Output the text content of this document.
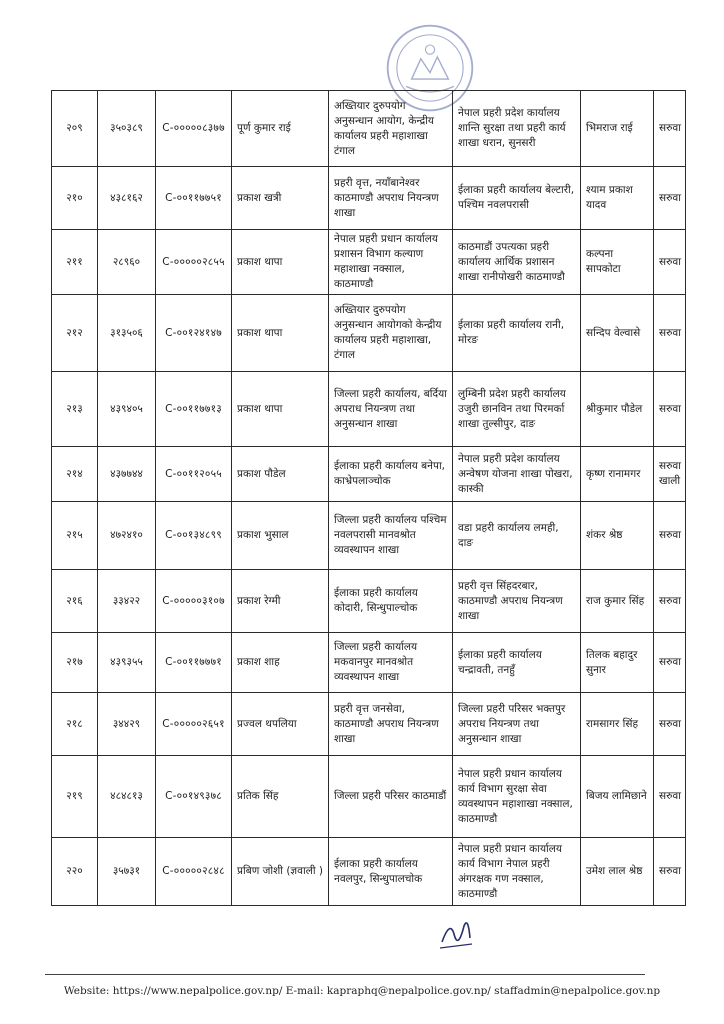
२०९	३५०३८९	C-०००००८३७७	पूर्ण कुमार राई	अख्तियार दुरुपयोग अनुसन्धान आयोग, केन्द्रीय कार्यालय प्रहरी महाशाखा टंगाल	नेपाल प्रहरी प्रदेश कार्यालय शान्ति सुरक्षा तथा प्रहरी कार्य शाखा धरान, सुनसरी	भिमराज राई	सरुवा
२१०	४३८१६२	C-००११७७५१	प्रकाश खत्री	प्रहरी वृत्त, नयाँबानेश्वर काठमाण्डौ अपराध नियन्त्रण शाखा	ईलाका प्रहरी कार्यालय बेल्टारी, पश्चिम नवलपरासी	श्याम प्रकाश यादव	सरुवा
२११	२८९६०	C-०००००२८५५	प्रकाश थापा	नेपाल प्रहरी प्रधान कार्यालय प्रशासन विभाग कल्याण महाशाखा नक्साल, काठमाण्डौ	काठमाडौं उपत्यका प्रहरी कार्यालय आर्थिक प्रशासन शाखा रानीपोखरी काठमाण्डौ	कल्पना सापकोटा	सरुवा
२१२	३१३५०६	C-००१२४१४७	प्रकाश थापा	अख्तियार दुरुपयोग अनुसन्धान आयोगको केन्द्रीय कार्यालय प्रहरी महाशाखा, टंगाल	ईलाका प्रहरी कार्यालय रानी, मोरङ	सन्दिप वेल्वासे	सरुवा
२१३	४३९४०५	C-००११७७१३	प्रकाश थापा	जिल्ला प्रहरी कार्यालय, बर्दिया अपराध नियन्त्रण तथा अनुसन्धान शाखा	लुम्बिनी प्रदेश प्रहरी कार्यालय उजुरी छानविन तथा पिरमर्का शाखा तुल्सीपुर, दाङ	श्रीकुमार पौडेल	सरुवा
२१४	४३७७४४	C-००११२०५५	प्रकाश पौडेल	ईलाका प्रहरी कार्यालय बनेपा, काभ्रेपलाञ्चोक	नेपाल प्रहरी प्रदेश कार्यालय अन्वेषण योजना शाखा पोखरा, कास्की	कृष्ण रानामगर	सरुवा खाली
२१५	४७२४१०	C-००१३४८९९	प्रकाश भुसाल	जिल्ला प्रहरी कार्यालय पश्चिम नवलपरासी मानवश्रोत व्यवस्थापन शाखा	वडा प्रहरी कार्यालय लमही, दाङ	शंकर श्रेष्ठ	सरुवा
२१६	३३४२२	C-०००००३१०७	प्रकाश रेग्मी	ईलाका प्रहरी कार्यालय कोदारी, सिन्धुपाल्चोक	प्रहरी वृत्त सिंहदरबार, काठमाण्डौ अपराध नियन्त्रण शाखा	राज कुमार सिंह	सरुवा
२१७	४३९३५५	C-००११७७७१	प्रकाश शाह	जिल्ला प्रहरी कार्यालय मकवानपुर मानवश्रोत व्यवस्थापन शाखा	ईलाका प्रहरी कार्यालय चन्द्रावती, तनहुँ	तिलक बहादुर सुनार	सरुवा
२१८	३४४२९	C-०००००२६५१	प्रज्वल थपलिया	प्रहरी वृत्त जनसेवा, काठमाण्डौ अपराध नियन्त्रण शाखा	जिल्ला प्रहरी परिसर भक्तपुर अपराध नियन्त्रण तथा अनुसन्धान शाखा	रामसागर सिंह	सरुवा
२१९	४८४८१३	C-००१४९३७८	प्रतिक सिंह	जिल्ला प्रहरी परिसर काठमाडौं	नेपाल प्रहरी प्रधान कार्यालय कार्य विभाग सुरक्षा सेवा व्यवस्थापन महाशाखा नक्साल, काठमाण्डौ	बिजय लामिछाने	सरुवा
२२०	३५७३१	C-०००००२८४८	प्रबिण जोशी (ज्ञवाली )	ईलाका प्रहरी कार्यालय नवलपुर, सिन्धुपालचोक	नेपाल प्रहरी प्रधान कार्यालय कार्य विभाग नेपाल प्रहरी अंगरक्षक गण नक्साल, काठमाण्डौ	उमेश लाल श्रेष्ठ	सरुवा
Website: https://www.nepalpolice.gov.np/ E-mail: kapraphq@nepalpolice.gov.np/ staffadmin@nepalpolice.gov.np
